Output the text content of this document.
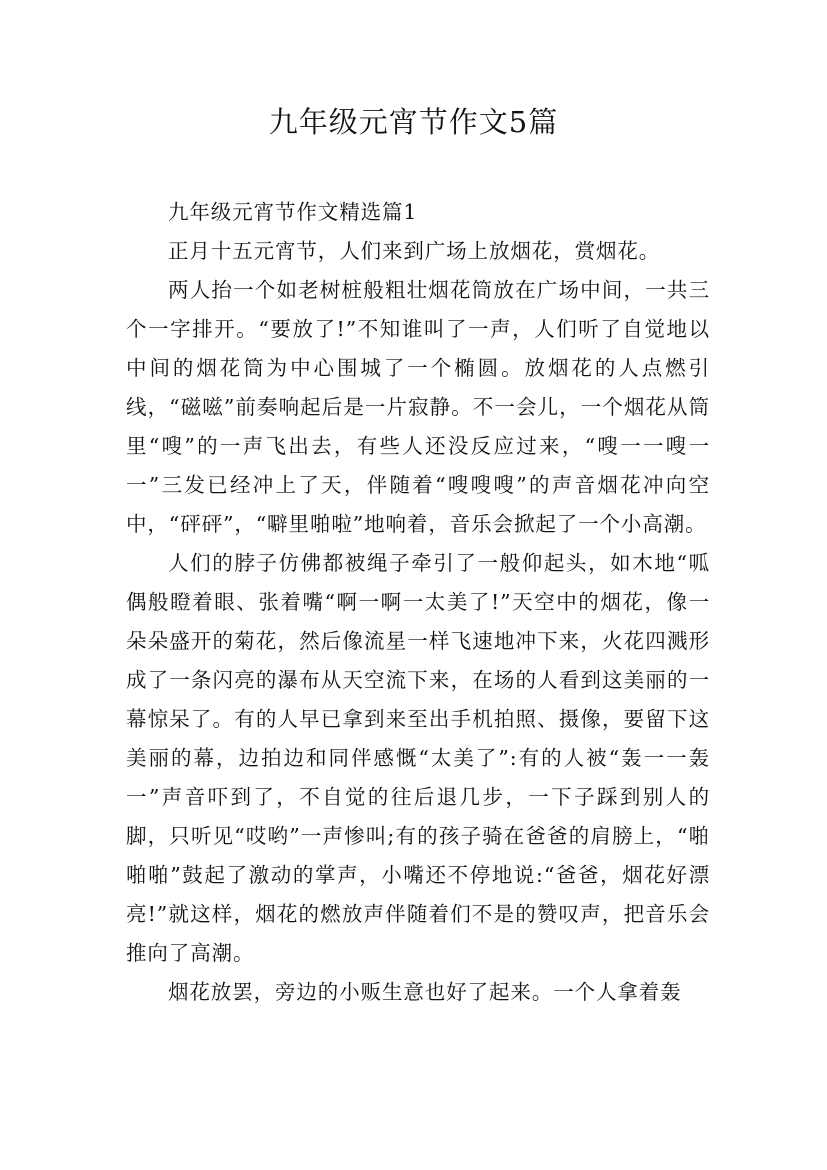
九年级元宵节作文5篇

九年级元宵节作文精选篇1

正月十五元宵节，人们来到广场上放烟花，赏烟花。

两人抬一个如老树桩般粗壮烟花筒放在广场中间，一共三个一字排开。“要放了!”不知谁叫了一声，人们听了自觉地以中间的烟花筒为中心围城了一个椭圆。放烟花的人点燃引线，“磁嗞”前奏响起后是一片寂静。不一会儿，一个烟花从筒里“嗖”的一声飞出去，有些人还没反应过来，“嗖一一嗖一一”三发已经冲上了天，伴随着“嗖嗖嗖”的声音烟花冲向空中，“砰砰”，“噼里啪啦”地响着，音乐会掀起了一个小高潮。

人们的脖子仿佛都被绳子牵引了一般仰起头，如木地“呱偶般瞪着眼、张着嘴“啊一啊一太美了!”天空中的烟花，像一朵朵盛开的菊花，然后像流星一样飞速地冲下来，火花四溅形成了一条闪亮的瀑布从天空流下来，在场的人看到这美丽的一幕惊呆了。有的人早已拿到来至出手机拍照、摄像，要留下这美丽的幕，边拍边和同伴感慨“太美了”:有的人被“轰一一轰一”声音吓到了，不自觉的往后退几步，一下子踩到别人的脚，只听见“哎哟”一声惨叫;有的孩子骑在爸爸的肩膀上，“啪啪啪”鼓起了激动的掌声，小嘴还不停地说:“爸爸，烟花好漂亮!”就这样，烟花的燃放声伴随着们不是的赞叹声，把音乐会推向了高潮。

烟花放罢，旁边的小贩生意也好了起来。一个人拿着轰
